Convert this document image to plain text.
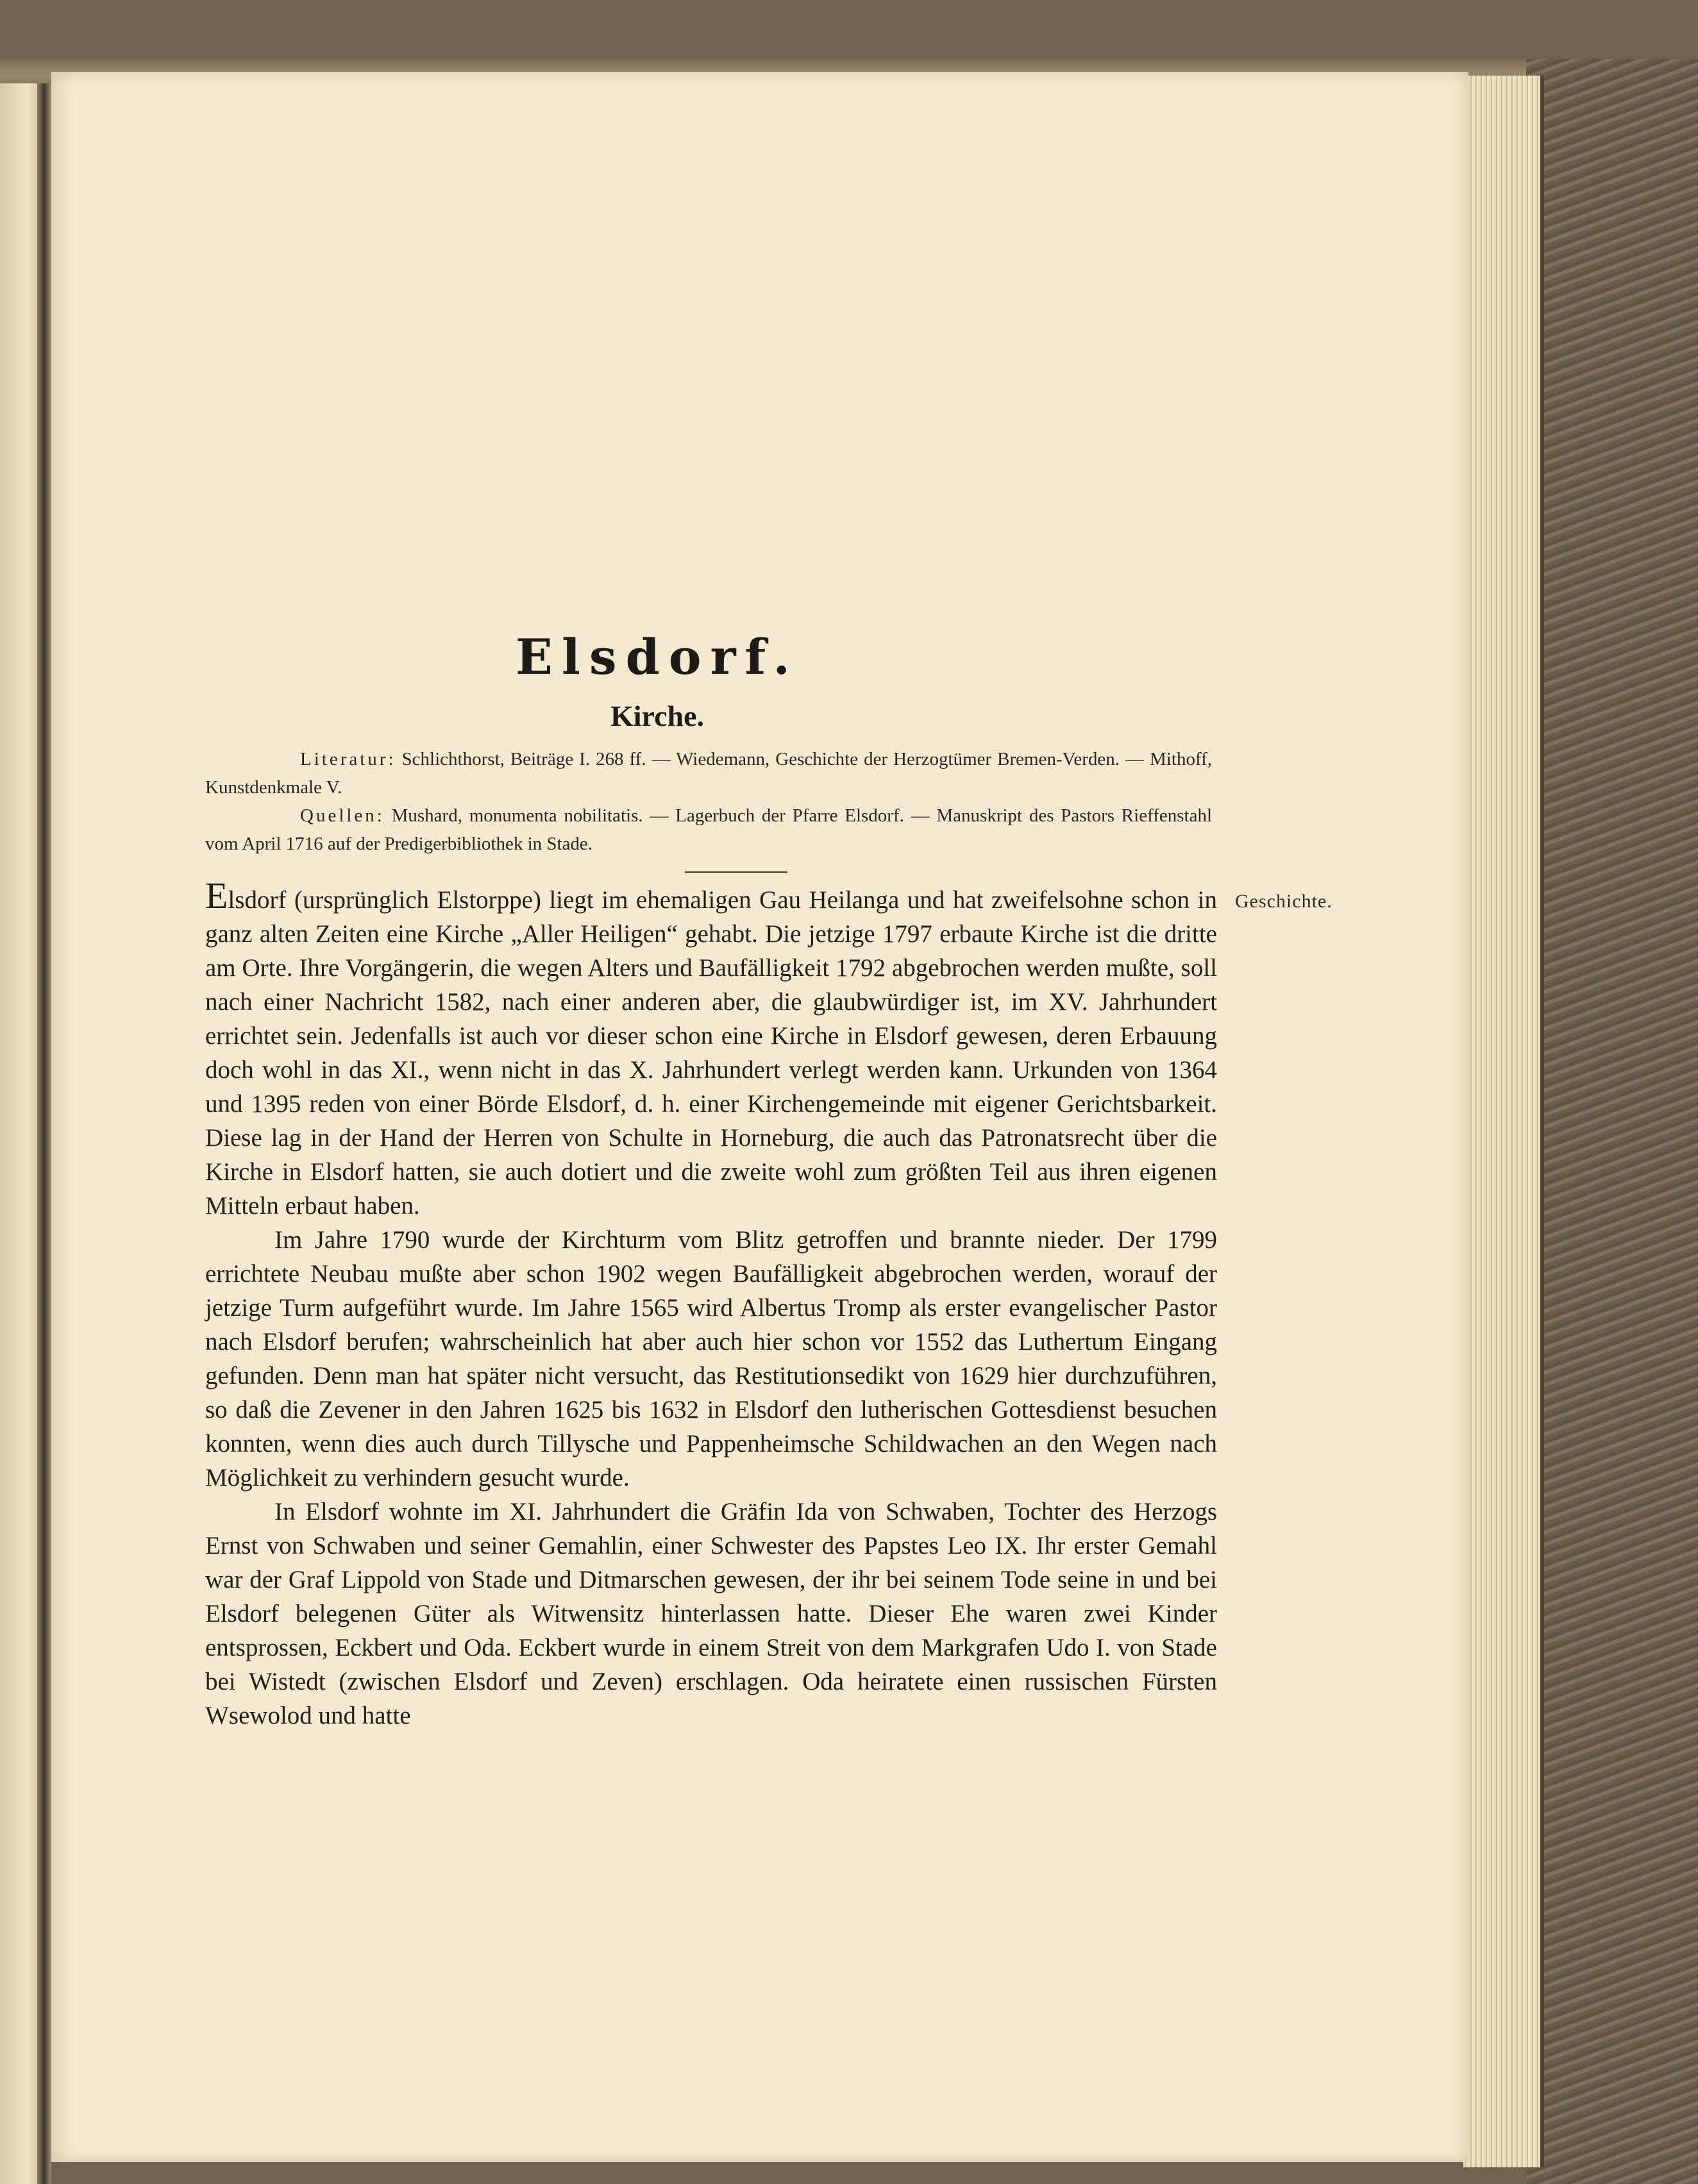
Elsdorf.
Kirche.

Literatur: Schlichthorst, Beiträge I. 268 ff. — Wiedemann, Geschichte der Herzogtümer Bremen-Verden. — Mithoff, Kunstdenkmale V.

Quellen: Mushard, monumenta nobilitatis. — Lagerbuch der Pfarre Elsdorf. — Manuskript des Pastors Rieffenstahl vom April 1716 auf der Predigerbibliothek in Stade.

Geschichte.

Elsdorf (ursprünglich Elstorppe) liegt im ehemaligen Gau Heilanga und hat zweifelsohne schon in ganz alten Zeiten eine Kirche „Aller Heiligen“ gehabt. Die jetzige 1797 erbaute Kirche ist die dritte am Orte. Ihre Vorgängerin, die wegen Alters und Baufälligkeit 1792 abgebrochen werden mußte, soll nach einer Nachricht 1582, nach einer anderen aber, die glaubwürdiger ist, im XV. Jahrhundert errichtet sein. Jedenfalls ist auch vor dieser schon eine Kirche in Elsdorf gewesen, deren Erbauung doch wohl in das XI., wenn nicht in das X. Jahrhundert verlegt werden kann. Urkunden von 1364 und 1395 reden von einer Börde Elsdorf, d. h. einer Kirchengemeinde mit eigener Gerichtsbarkeit. Diese lag in der Hand der Herren von Schulte in Horneburg, die auch das Patronatsrecht über die Kirche in Elsdorf hatten, sie auch dotiert und die zweite wohl zum größten Teil aus ihren eigenen Mitteln erbaut haben.

Im Jahre 1790 wurde der Kirchturm vom Blitz getroffen und brannte nieder. Der 1799 errichtete Neubau mußte aber schon 1902 wegen Baufälligkeit abgebrochen werden, worauf der jetzige Turm aufgeführt wurde. Im Jahre 1565 wird Albertus Tromp als erster evangelischer Pastor nach Elsdorf berufen; wahrscheinlich hat aber auch hier schon vor 1552 das Luthertum Eingang gefunden. Denn man hat später nicht versucht, das Restitutionsedikt von 1629 hier durchzuführen, so daß die Zevener in den Jahren 1625 bis 1632 in Elsdorf den lutherischen Gottesdienst besuchen konnten, wenn dies auch durch Tillysche und Pappenheimsche Schildwachen an den Wegen nach Möglichkeit zu verhindern gesucht wurde.

In Elsdorf wohnte im XI. Jahrhundert die Gräfin Ida von Schwaben, Tochter des Herzogs Ernst von Schwaben und seiner Gemahlin, einer Schwester des Papstes Leo IX. Ihr erster Gemahl war der Graf Lippold von Stade und Ditmarschen gewesen, der ihr bei seinem Tode seine in und bei Elsdorf belegenen Güter als Witwensitz hinterlassen hatte. Dieser Ehe waren zwei Kinder entsprossen, Eckbert und Oda. Eckbert wurde in einem Streit von dem Markgrafen Udo I. von Stade bei Wistedt (zwischen Elsdorf und Zeven) erschlagen. Oda heiratete einen russischen Fürsten Wsewolod und hatte
